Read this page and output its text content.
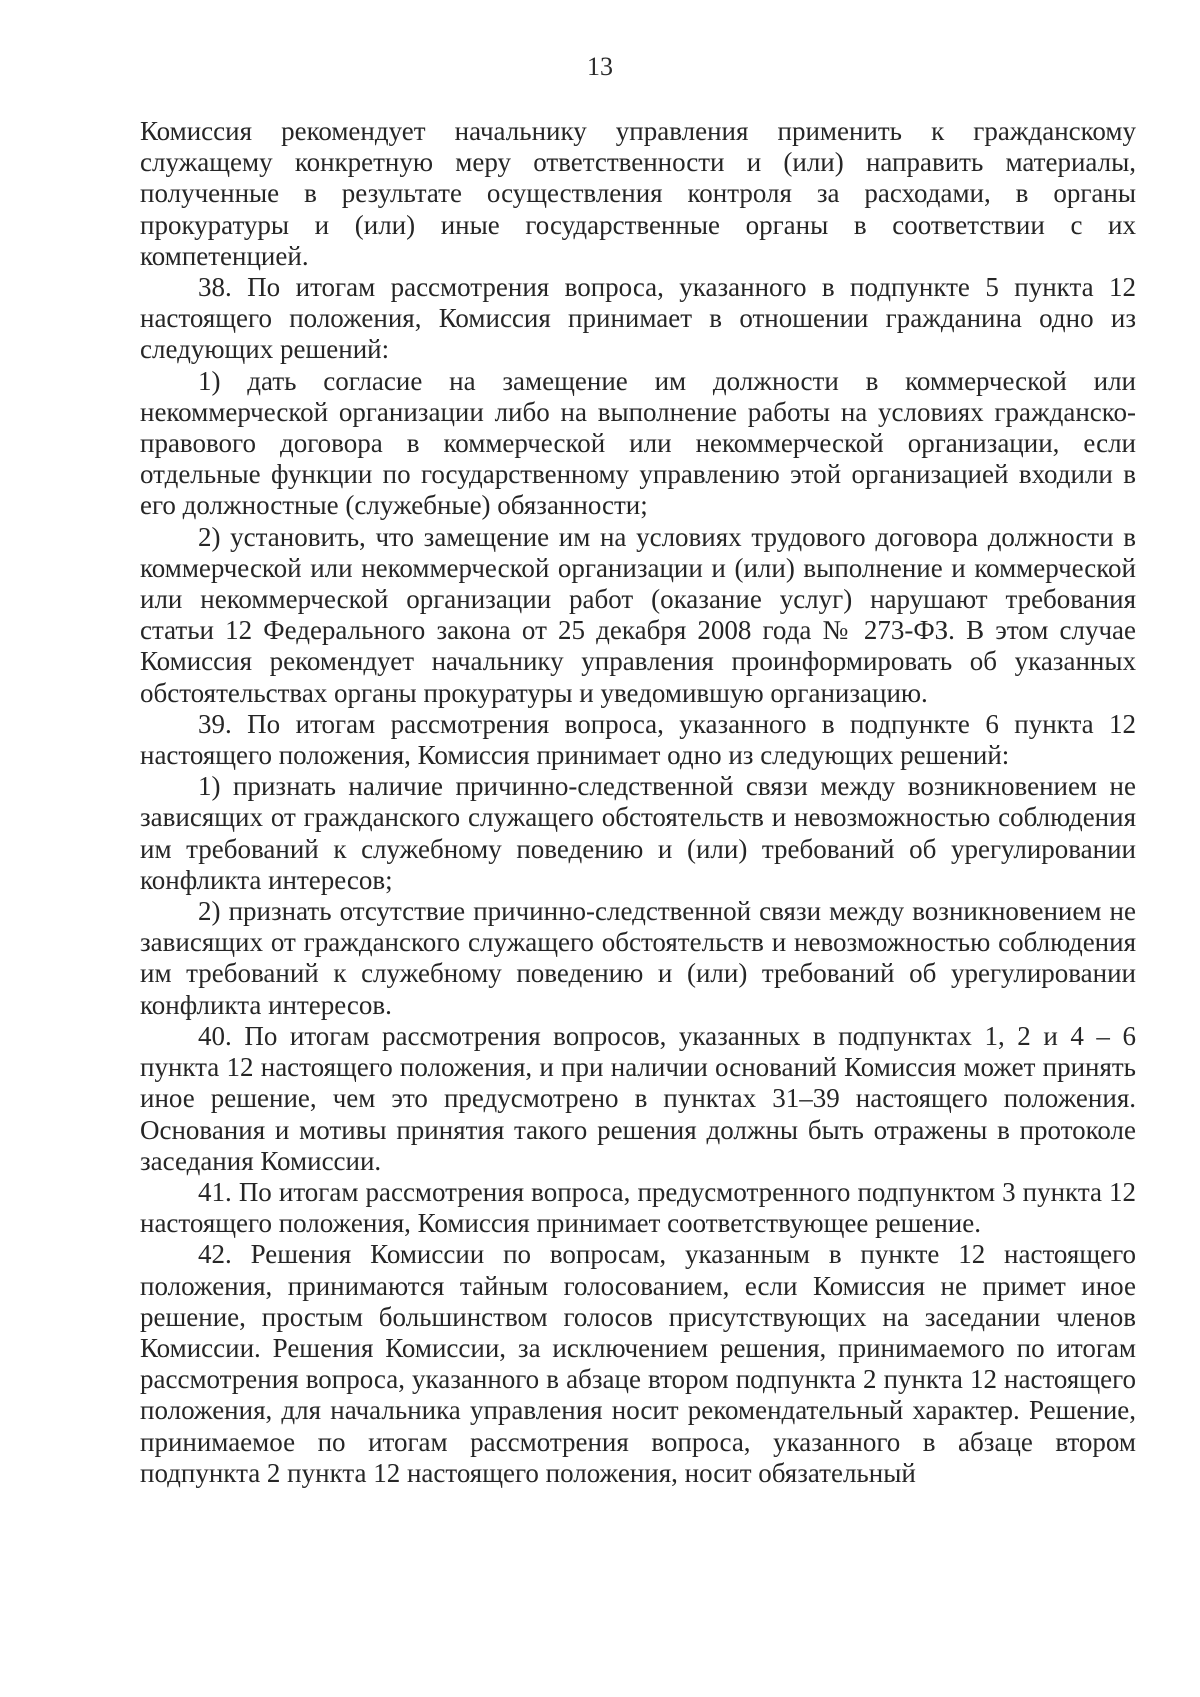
13

Комиссия рекомендует начальнику управления применить к гражданскому служащему конкретную меру ответственности и (или) направить материалы, полученные в результате осуществления контроля за расходами, в органы прокуратуры и (или) иные государственные органы в соответствии с их компетенцией.

38. По итогам рассмотрения вопроса, указанного в подпункте 5 пункта 12 настоящего положения, Комиссия принимает в отношении гражданина одно из следующих решений:

1) дать согласие на замещение им должности в коммерческой или некоммерческой организации либо на выполнение работы на условиях гражданско-правового договора в коммерческой или некоммерческой организации, если отдельные функции по государственному управлению этой организацией входили в его должностные (служебные) обязанности;

2) установить, что замещение им на условиях трудового договора должности в коммерческой или некоммерческой организации и (или) выполнение и коммерческой или некоммерческой организации работ (оказание услуг) нарушают требования статьи 12 Федерального закона от 25 декабря 2008 года № 273-ФЗ. В этом случае Комиссия рекомендует начальнику управления проинформировать об указанных обстоятельствах органы прокуратуры и уведомившую организацию.

39. По итогам рассмотрения вопроса, указанного в подпункте 6 пункта 12 настоящего положения, Комиссия принимает одно из следующих решений:

1) признать наличие причинно-следственной связи между возникновением не зависящих от гражданского служащего обстоятельств и невозможностью соблюдения им требований к служебному поведению и (или) требований об урегулировании конфликта интересов;

2) признать отсутствие причинно-следственной связи между возникновением не зависящих от гражданского служащего обстоятельств и невозможностью соблюдения им требований к служебному поведению и (или) требований об урегулировании конфликта интересов.

40. По итогам рассмотрения вопросов, указанных в подпунктах 1, 2 и 4 – 6 пункта 12 настоящего положения, и при наличии оснований Комиссия может принять иное решение, чем это предусмотрено в пунктах 31–39 настоящего положения. Основания и мотивы принятия такого решения должны быть отражены в протоколе заседания Комиссии.

41. По итогам рассмотрения вопроса, предусмотренного подпунктом 3 пункта 12 настоящего положения, Комиссия принимает соответствующее решение.

42. Решения Комиссии по вопросам, указанным в пункте 12 настоящего положения, принимаются тайным голосованием, если Комиссия не примет иное решение, простым большинством голосов присутствующих на заседании членов Комиссии. Решения Комиссии, за исключением решения, принимаемого по итогам рассмотрения вопроса, указанного в абзаце втором подпункта 2 пункта 12 настоящего положения, для начальника управления носит рекомендательный характер. Решение, принимаемое по итогам рассмотрения вопроса, указанного в абзаце втором подпункта 2 пункта 12 настоящего положения, носит обязательный
